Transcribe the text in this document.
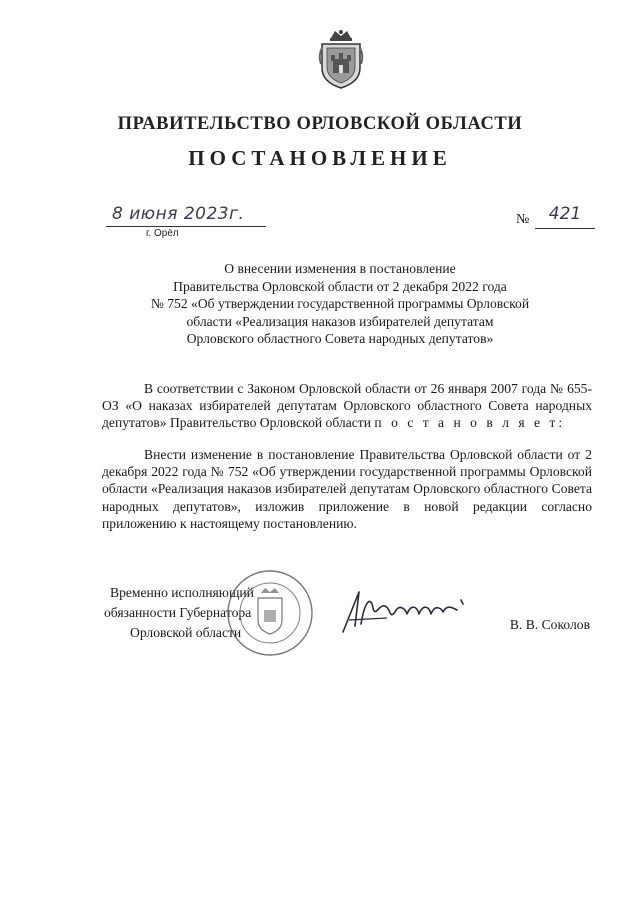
ПРАВИТЕЛЬСТВО ОРЛОВСКОЙ ОБЛАСТИ
ПОСТАНОВЛЕНИЕ
8 июня 2023г.
г. Орёл
№	421
О внесении изменения в постановление
Правительства Орловской области от 2 декабря 2022 года
№ 752 «Об утверждении государственной программы Орловской
области «Реализация наказов избирателей депутатам
Орловского областного Совета народных депутатов»
В соответствии с Законом Орловской области от 26 января 2007 года № 655-ОЗ «О наказах избирателей депутатам Орловского областного Совета народных депутатов» Правительство Орловской области п о с т а н о в л я е т:
Внести изменение в постановление Правительства Орловской области от 2 декабря 2022 года № 752 «Об утверждении государственной программы Орловской области «Реализация наказов избирателей депутатам Орловского областного Совета народных депутатов», изложив приложение в новой редакции согласно приложению к настоящему постановлению.
Временно исполняющий
обязанности Губернатора
Орловской области
В. В. Соколов
